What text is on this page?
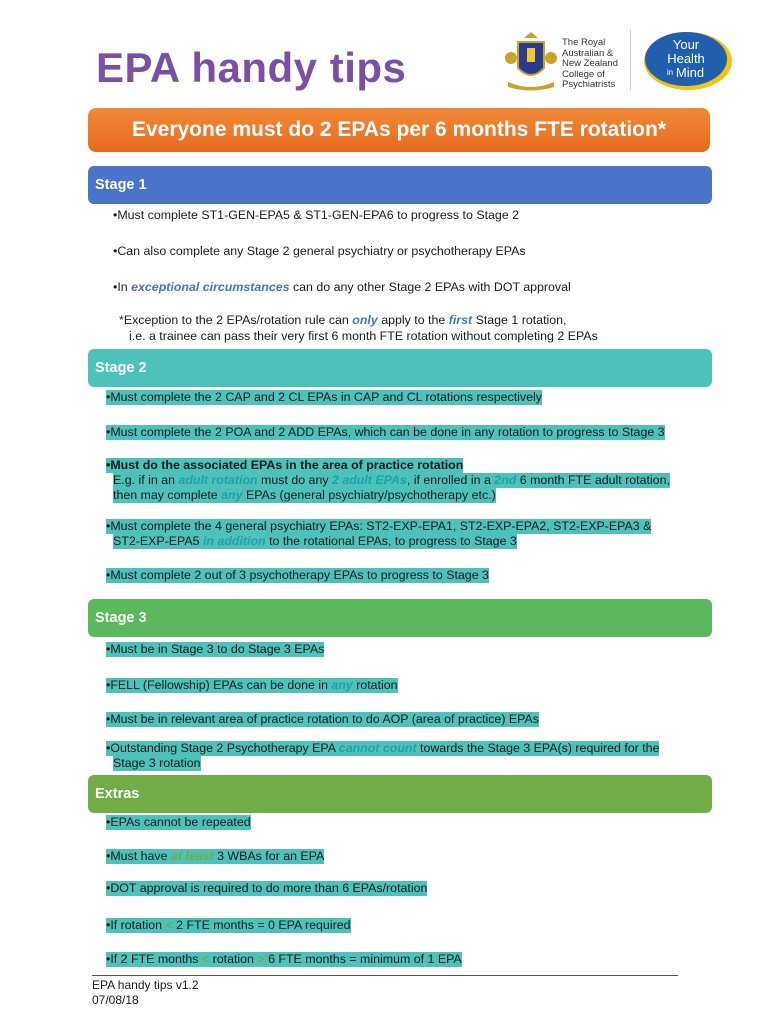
EPA handy tips
The Royal
Australian &
New Zealand
College of
Psychiatrists
Your
Health
in Mind
Everyone must do 2 EPAs per 6 months FTE rotation*
Stage 1
•Must complete ST1-GEN-EPA5 & ST1-GEN-EPA6 to progress to Stage 2
•Can also complete any Stage 2 general psychiatry or psychotherapy EPAs
•In exceptional circumstances can do any other Stage 2 EPAs with DOT approval
*Exception to the 2 EPAs/rotation rule can only apply to the first Stage 1 rotation,
i.e. a trainee can pass their very first 6 month FTE rotation without completing 2 EPAs
Stage 2
•Must complete the 2 CAP and 2 CL EPAs in CAP and CL rotations respectively
•Must complete the 2 POA and 2 ADD EPAs, which can be done in any rotation to progress to Stage 3
•Must do the associated EPAs in the area of practice rotation
E.g. if in an adult rotation must do any 2 adult EPAs, if enrolled in a 2nd 6 month FTE adult rotation,
then may complete any EPAs (general psychiatry/psychotherapy etc.)
•Must complete the 4 general psychiatry EPAs: ST2-EXP-EPA1, ST2-EXP-EPA2, ST2-EXP-EPA3 &
ST2-EXP-EPA5 in addition to the rotational EPAs, to progress to Stage 3
•Must complete 2 out of 3 psychotherapy EPAs to progress to Stage 3
Stage 3
•Must be in Stage 3 to do Stage 3 EPAs
•FELL (Fellowship) EPAs can be done in any rotation
•Must be in relevant area of practice rotation to do AOP (area of practice) EPAs
•Outstanding Stage 2 Psychotherapy EPA cannot count towards the Stage 3 EPA(s) required for the
Stage 3 rotation
Extras
•EPAs cannot be repeated
•Must have at least 3 WBAs for an EPA
•DOT approval is required to do more than 6 EPAs/rotation
•If rotation < 2 FTE months = 0 EPA required
•If 2 FTE months < rotation > 6 FTE months = minimum of 1 EPA
EPA handy tips v1.2
07/08/18
